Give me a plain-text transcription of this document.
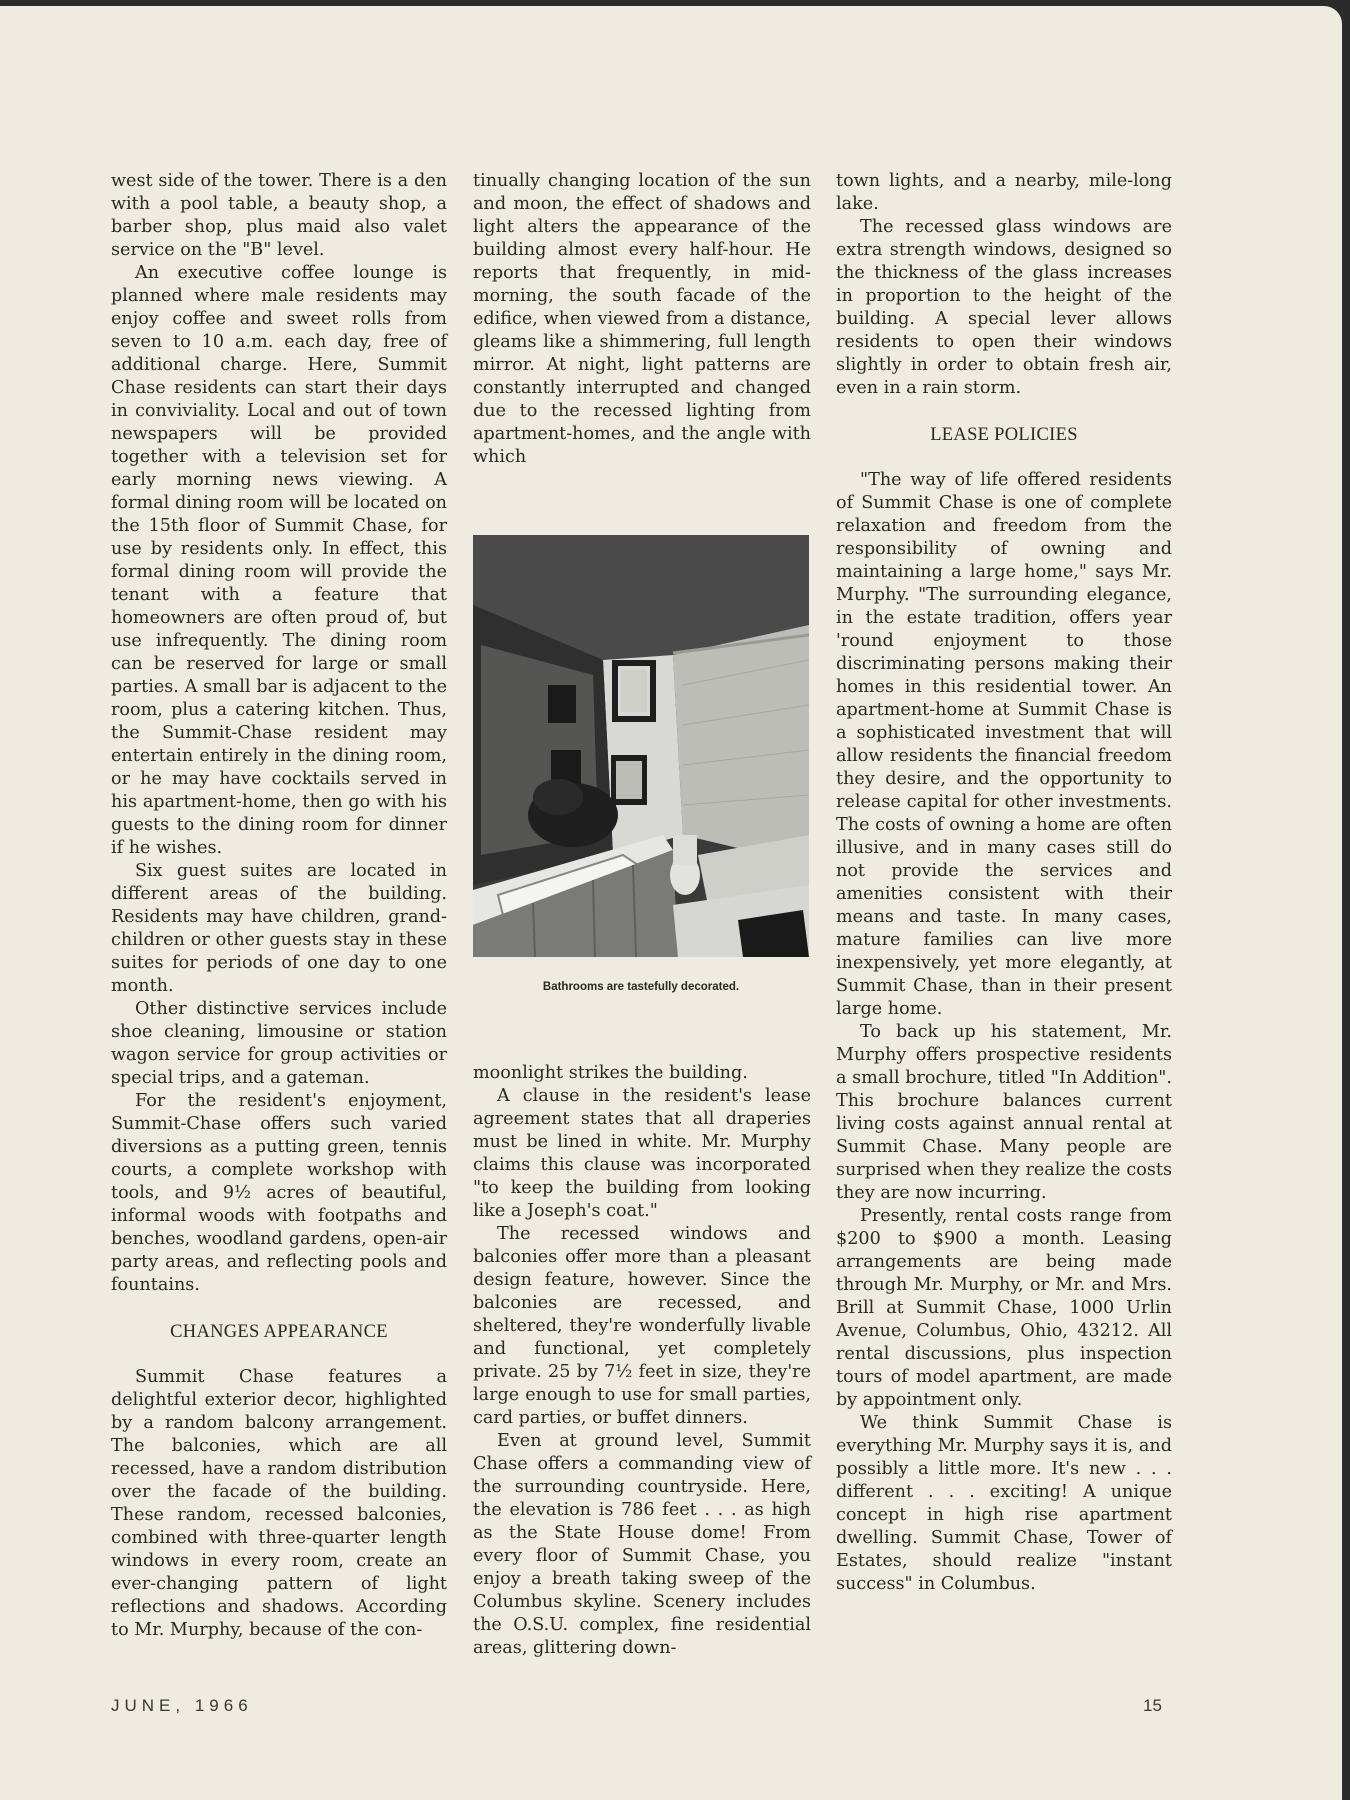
west side of the tower. There is a den with a pool table, a beauty shop, a barber shop, plus maid also valet service on the "B" level.

An executive coffee lounge is planned where male residents may enjoy coffee and sweet rolls from seven to 10 a.m. each day, free of additional charge. Here, Summit Chase residents can start their days in conviviality. Local and out of town newspapers will be provided together with a television set for early morning news viewing. A formal dining room will be located on the 15th floor of Summit Chase, for use by residents only. In effect, this formal dining room will provide the tenant with a feature that homeowners are often proud of, but use infrequently. The dining room can be reserved for large or small parties. A small bar is adjacent to the room, plus a catering kitchen. Thus, the Summit-Chase resident may entertain entirely in the dining room, or he may have cocktails served in his apartment-home, then go with his guests to the dining room for dinner if he wishes.

Six guest suites are located in different areas of the building. Residents may have children, grand-children or other guests stay in these suites for periods of one day to one month.

Other distinctive services include shoe cleaning, limousine or station wagon service for group activities or special trips, and a gateman.

For the resident's enjoyment, Summit-Chase offers such varied diversions as a putting green, tennis courts, a complete workshop with tools, and 9½ acres of beautiful, informal woods with footpaths and benches, woodland gardens, open-air party areas, and reflecting pools and fountains.

CHANGES APPEARANCE

Summit Chase features a delightful exterior decor, highlighted by a random balcony arrangement. The balconies, which are all recessed, have a random distribution over the facade of the building. These random, recessed balconies, combined with three-quarter length windows in every room, create an ever-changing pattern of light reflections and shadows. According to Mr. Murphy, because of the con-

tinually changing location of the sun and moon, the effect of shadows and light alters the appearance of the building almost every half-hour. He reports that frequently, in mid-morning, the south facade of the edifice, when viewed from a distance, gleams like a shimmering, full length mirror. At night, light patterns are constantly interrupted and changed due to the recessed lighting from apartment-homes, and the angle with which

Bathrooms are tastefully decorated.

moonlight strikes the building.

A clause in the resident's lease agreement states that all draperies must be lined in white. Mr. Murphy claims this clause was incorporated "to keep the building from looking like a Joseph's coat."

The recessed windows and balconies offer more than a pleasant design feature, however. Since the balconies are recessed, and sheltered, they're wonderfully livable and functional, yet completely private. 25 by 7½ feet in size, they're large enough to use for small parties, card parties, or buffet dinners.

Even at ground level, Summit Chase offers a commanding view of the surrounding countryside. Here, the elevation is 786 feet . . . as high as the State House dome! From every floor of Summit Chase, you enjoy a breath taking sweep of the Columbus skyline. Scenery includes the O.S.U. complex, fine residential areas, glittering down-

town lights, and a nearby, mile-long lake.

The recessed glass windows are extra strength windows, designed so the thickness of the glass increases in proportion to the height of the building. A special lever allows residents to open their windows slightly in order to obtain fresh air, even in a rain storm.

LEASE POLICIES

"The way of life offered residents of Summit Chase is one of complete relaxation and freedom from the responsibility of owning and maintaining a large home," says Mr. Murphy. "The surrounding elegance, in the estate tradition, offers year 'round enjoyment to those discriminating persons making their homes in this residential tower. An apartment-home at Summit Chase is a sophisticated investment that will allow residents the financial freedom they desire, and the opportunity to release capital for other investments. The costs of owning a home are often illusive, and in many cases still do not provide the services and amenities consistent with their means and taste. In many cases, mature families can live more inexpensively, yet more elegantly, at Summit Chase, than in their present large home.

To back up his statement, Mr. Murphy offers prospective residents a small brochure, titled "In Addition". This brochure balances current living costs against annual rental at Summit Chase. Many people are surprised when they realize the costs they are now incurring.

Presently, rental costs range from $200 to $900 a month. Leasing arrangements are being made through Mr. Murphy, or Mr. and Mrs. Brill at Summit Chase, 1000 Urlin Avenue, Columbus, Ohio, 43212. All rental discussions, plus inspection tours of model apartment, are made by appointment only.

We think Summit Chase is everything Mr. Murphy says it is, and possibly a little more. It's new . . . different . . . exciting! A unique concept in high rise apartment dwelling. Summit Chase, Tower of Estates, should realize "instant success" in Columbus.

JUNE, 1966	15
